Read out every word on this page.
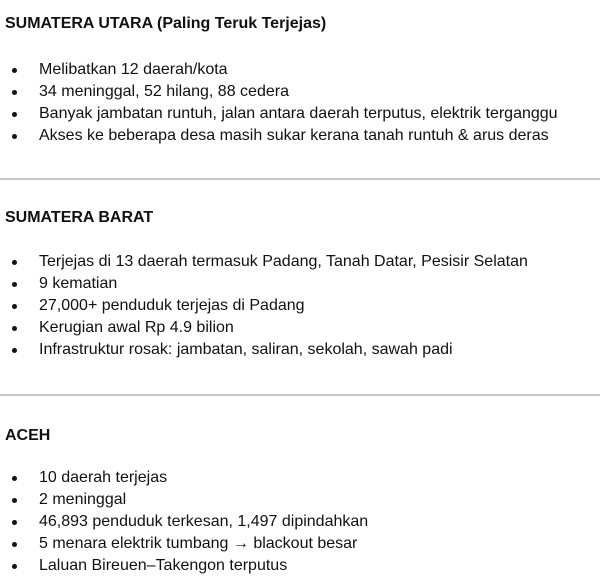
SUMATERA UTARA (Paling Teruk Terjejas)
Melibatkan 12 daerah/kota
34 meninggal, 52 hilang, 88 cedera
Banyak jambatan runtuh, jalan antara daerah terputus, elektrik terganggu
Akses ke beberapa desa masih sukar kerana tanah runtuh & arus deras
SUMATERA BARAT
Terjejas di 13 daerah termasuk Padang, Tanah Datar, Pesisir Selatan
9 kematian
27,000+ penduduk terjejas di Padang
Kerugian awal Rp 4.9 bilion
Infrastruktur rosak: jambatan, saliran, sekolah, sawah padi
ACEH
10 daerah terjejas
2 meninggal
46,893 penduduk terkesan, 1,497 dipindahkan
5 menara elektrik tumbang → blackout besar
Laluan Bireuen–Takengon terputus
